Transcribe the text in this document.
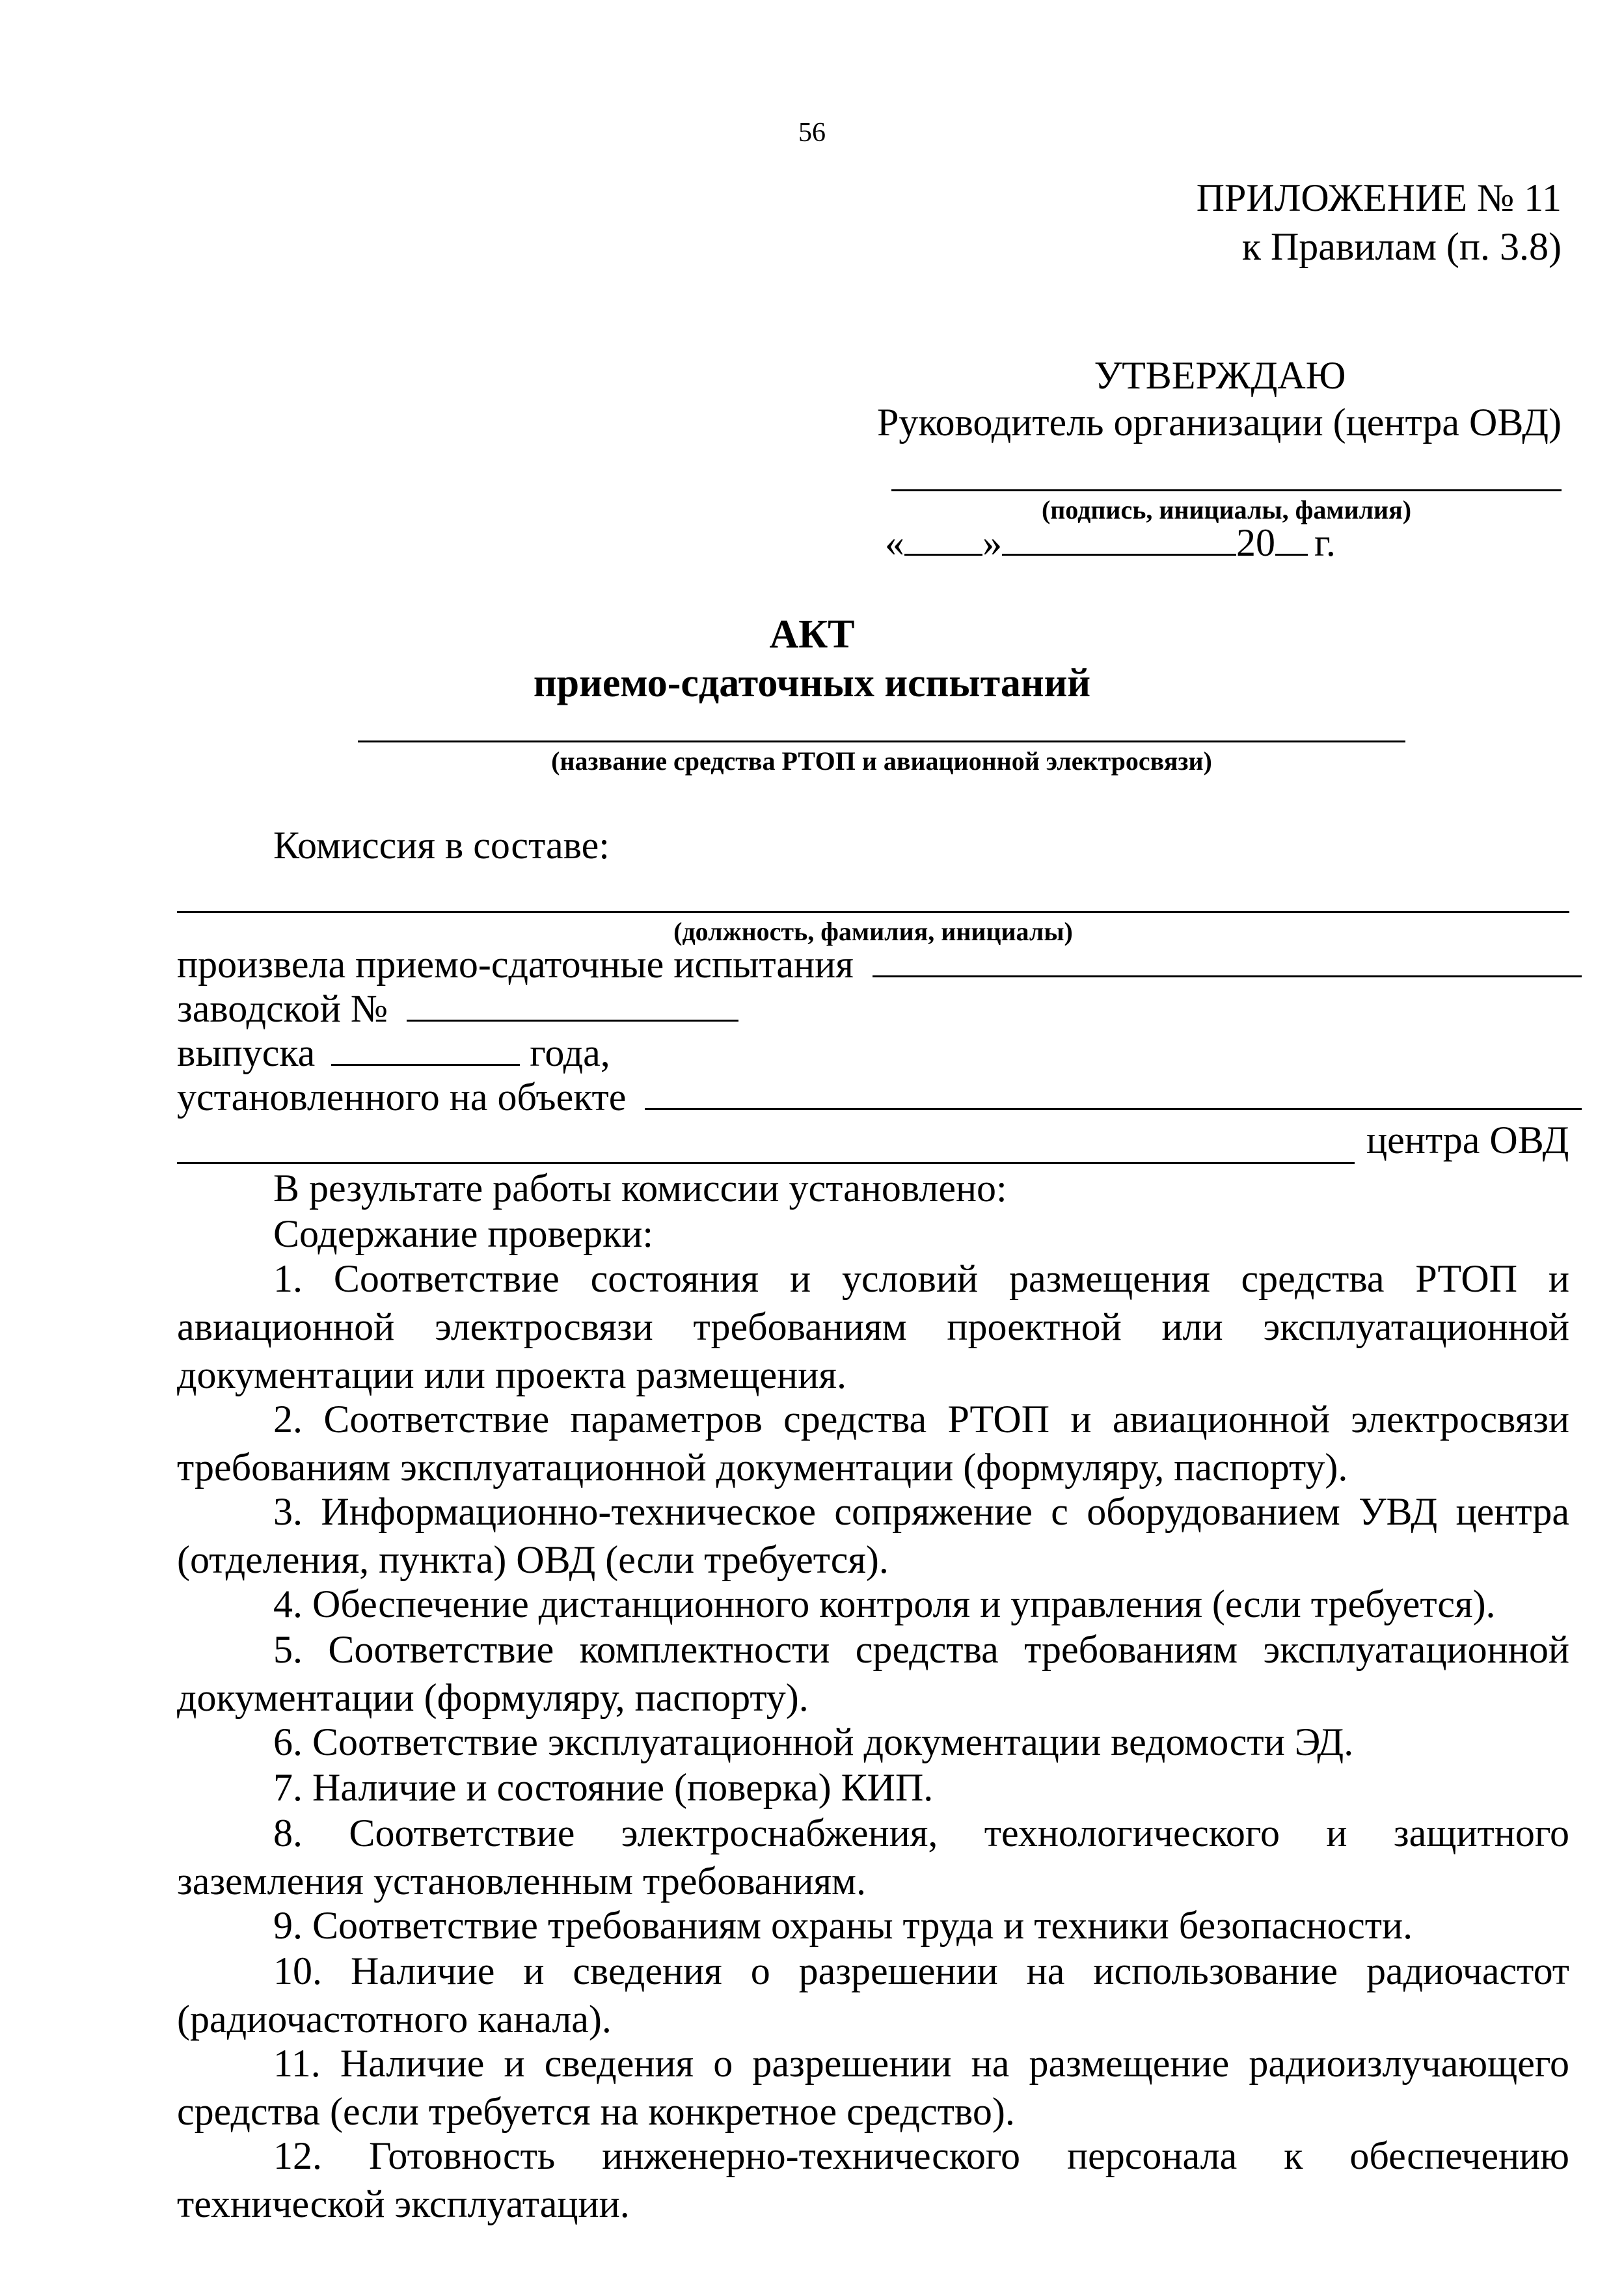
56
ПРИЛОЖЕНИЕ № 11
к Правилам (п. 3.8)
УТВЕРЖДАЮ
Руководитель организации (центра ОВД)
(подпись, инициалы, фамилия)
« »	20 г.
АКТ
приемо-сдаточных испытаний
(название средства РТОП и авиационной электросвязи)
Комиссия в составе:
(должность, фамилия, инициалы)
произвела приемо-сдаточные испытания
заводской №
выпуска	года,
установленного на объекте
центра ОВД
В результате работы комиссии установлено:
Содержание проверки:
1. Соответствие состояния и условий размещения средства РТОП и авиационной электросвязи требованиям проектной или эксплуатационной документации или проекта размещения.
2. Соответствие параметров средства РТОП и авиационной электросвязи требованиям эксплуатационной документации (формуляру, паспорту).
3. Информационно-техническое сопряжение с оборудованием УВД центра (отделения, пункта) ОВД (если требуется).
4. Обеспечение дистанционного контроля и управления (если требуется).
5. Соответствие комплектности средства требованиям эксплуатационной документации (формуляру, паспорту).
6. Соответствие эксплуатационной документации ведомости ЭД.
7. Наличие и состояние (поверка) КИП.
8. Соответствие электроснабжения, технологического и защитного заземления установленным требованиям.
9. Соответствие требованиям охраны труда и техники безопасности.
10. Наличие и сведения о разрешении на использование радиочастот (радиочастотного канала).
11. Наличие и сведения о разрешении на размещение радиоизлучающего средства (если требуется на конкретное средство).
12. Готовность инженерно-технического персонала к обеспечению технической эксплуатации.
